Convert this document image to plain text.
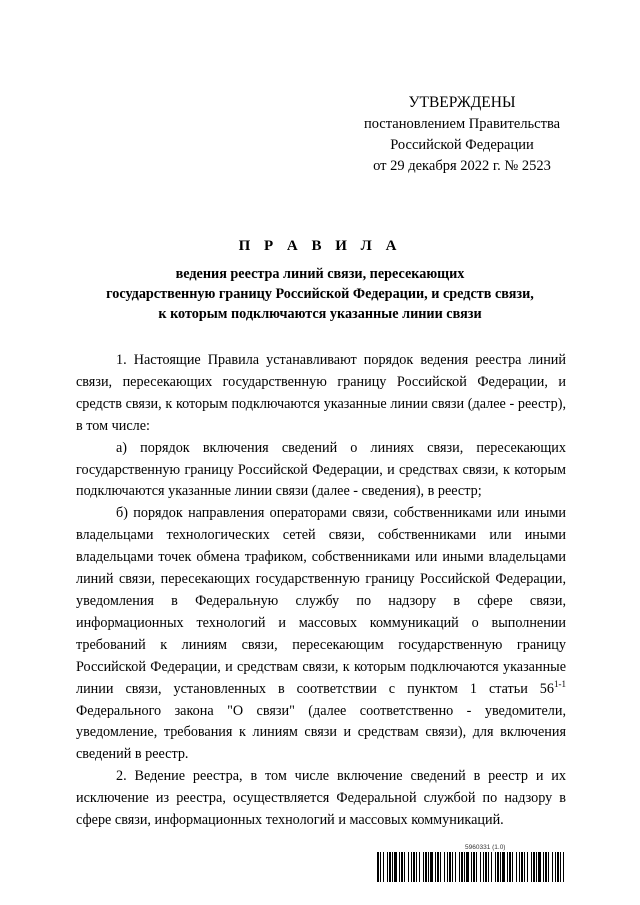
УТВЕРЖДЕНЫ
постановлением Правительства
Российской Федерации
от 29 декабря 2022 г. № 2523
П Р А В И Л А
ведения реестра линий связи, пересекающих
государственную границу Российской Федерации, и средств связи,
к которым подключаются указанные линии связи

1. Настоящие Правила устанавливают порядок ведения реестра линий связи, пересекающих государственную границу Российской Федерации, и средств связи, к которым подключаются указанные линии связи (далее - реестр), в том числе:

а) порядок включения сведений о линиях связи, пересекающих государственную границу Российской Федерации, и средствах связи, к которым подключаются указанные линии связи (далее - сведения), в реестр;

б) порядок направления операторами связи, собственниками или иными владельцами технологических сетей связи, собственниками или иными владельцами точек обмена трафиком, собственниками или иными владельцами линий связи, пересекающих государственную границу Российской Федерации, уведомления в Федеральную службу по надзору в сфере связи, информационных технологий и массовых коммуникаций о выполнении требований к линиям связи, пересекающим государственную границу Российской Федерации, и средствам связи, к которым подключаются указанные линии связи, установленных в соответствии с пунктом 1 статьи 56$^{1-1}$ Федерального закона "О связи" (далее соответственно - уведомители, уведомление, требования к линиям связи и средствам связи), для включения сведений в реестр.

2. Ведение реестра, в том числе включение сведений в реестр и их исключение из реестра, осуществляется Федеральной службой по надзору в сфере связи, информационных технологий и массовых коммуникаций.

5960331 (1.0)
